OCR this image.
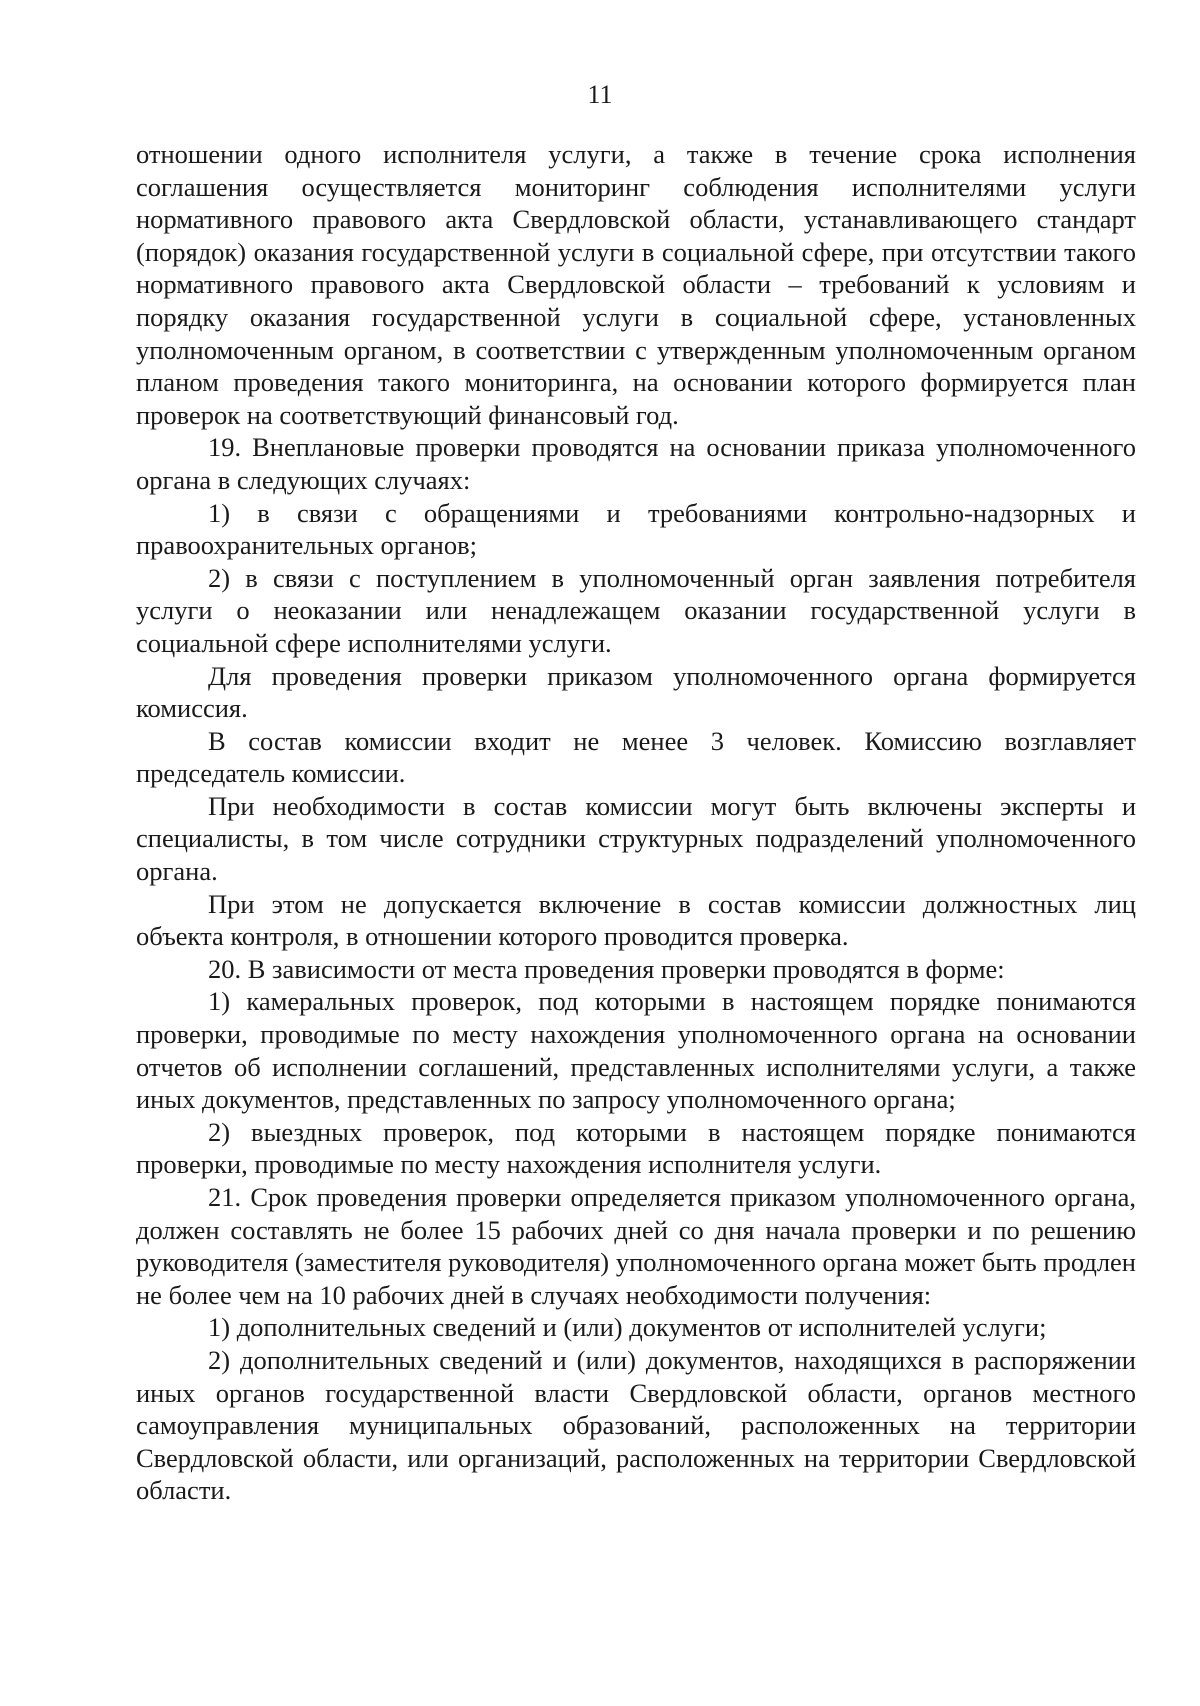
11

отношении одного исполнителя услуги, а также в течение срока исполнения соглашения осуществляется мониторинг соблюдения исполнителями услуги нормативного правового акта Свердловской области, устанавливающего стандарт (порядок) оказания государственной услуги в социальной сфере, при отсутствии такого нормативного правового акта Свердловской области – требований к условиям и порядку оказания государственной услуги в социальной сфере, установленных уполномоченным органом, в соответствии с утвержденным уполномоченным органом планом проведения такого мониторинга, на основании которого формируется план проверок на соответствующий финансовый год.

19. Внеплановые проверки проводятся на основании приказа уполномоченного органа в следующих случаях:

1) в связи с обращениями и требованиями контрольно-надзорных и правоохранительных органов;

2) в связи с поступлением в уполномоченный орган заявления потребителя услуги о неоказании или ненадлежащем оказании государственной услуги в социальной сфере исполнителями услуги.

Для проведения проверки приказом уполномоченного органа формируется комиссия.

В состав комиссии входит не менее 3 человек. Комиссию возглавляет председатель комиссии.

При необходимости в состав комиссии могут быть включены эксперты и специалисты, в том числе сотрудники структурных подразделений уполномоченного органа.

При этом не допускается включение в состав комиссии должностных лиц объекта контроля, в отношении которого проводится проверка.

20. В зависимости от места проведения проверки проводятся в форме:

1) камеральных проверок, под которыми в настоящем порядке понимаются проверки, проводимые по месту нахождения уполномоченного органа на основании отчетов об исполнении соглашений, представленных исполнителями услуги, а также иных документов, представленных по запросу уполномоченного органа;

2) выездных проверок, под которыми в настоящем порядке понимаются проверки, проводимые по месту нахождения исполнителя услуги.

21. Срок проведения проверки определяется приказом уполномоченного органа, должен составлять не более 15 рабочих дней со дня начала проверки и по решению руководителя (заместителя руководителя) уполномоченного органа может быть продлен не более чем на 10 рабочих дней в случаях необходимости получения:

1) дополнительных сведений и (или) документов от исполнителей услуги;

2) дополнительных сведений и (или) документов, находящихся в распоряжении иных органов государственной власти Свердловской области, органов местного самоуправления муниципальных образований, расположенных на территории Свердловской области, или организаций, расположенных на территории Свердловской области.
